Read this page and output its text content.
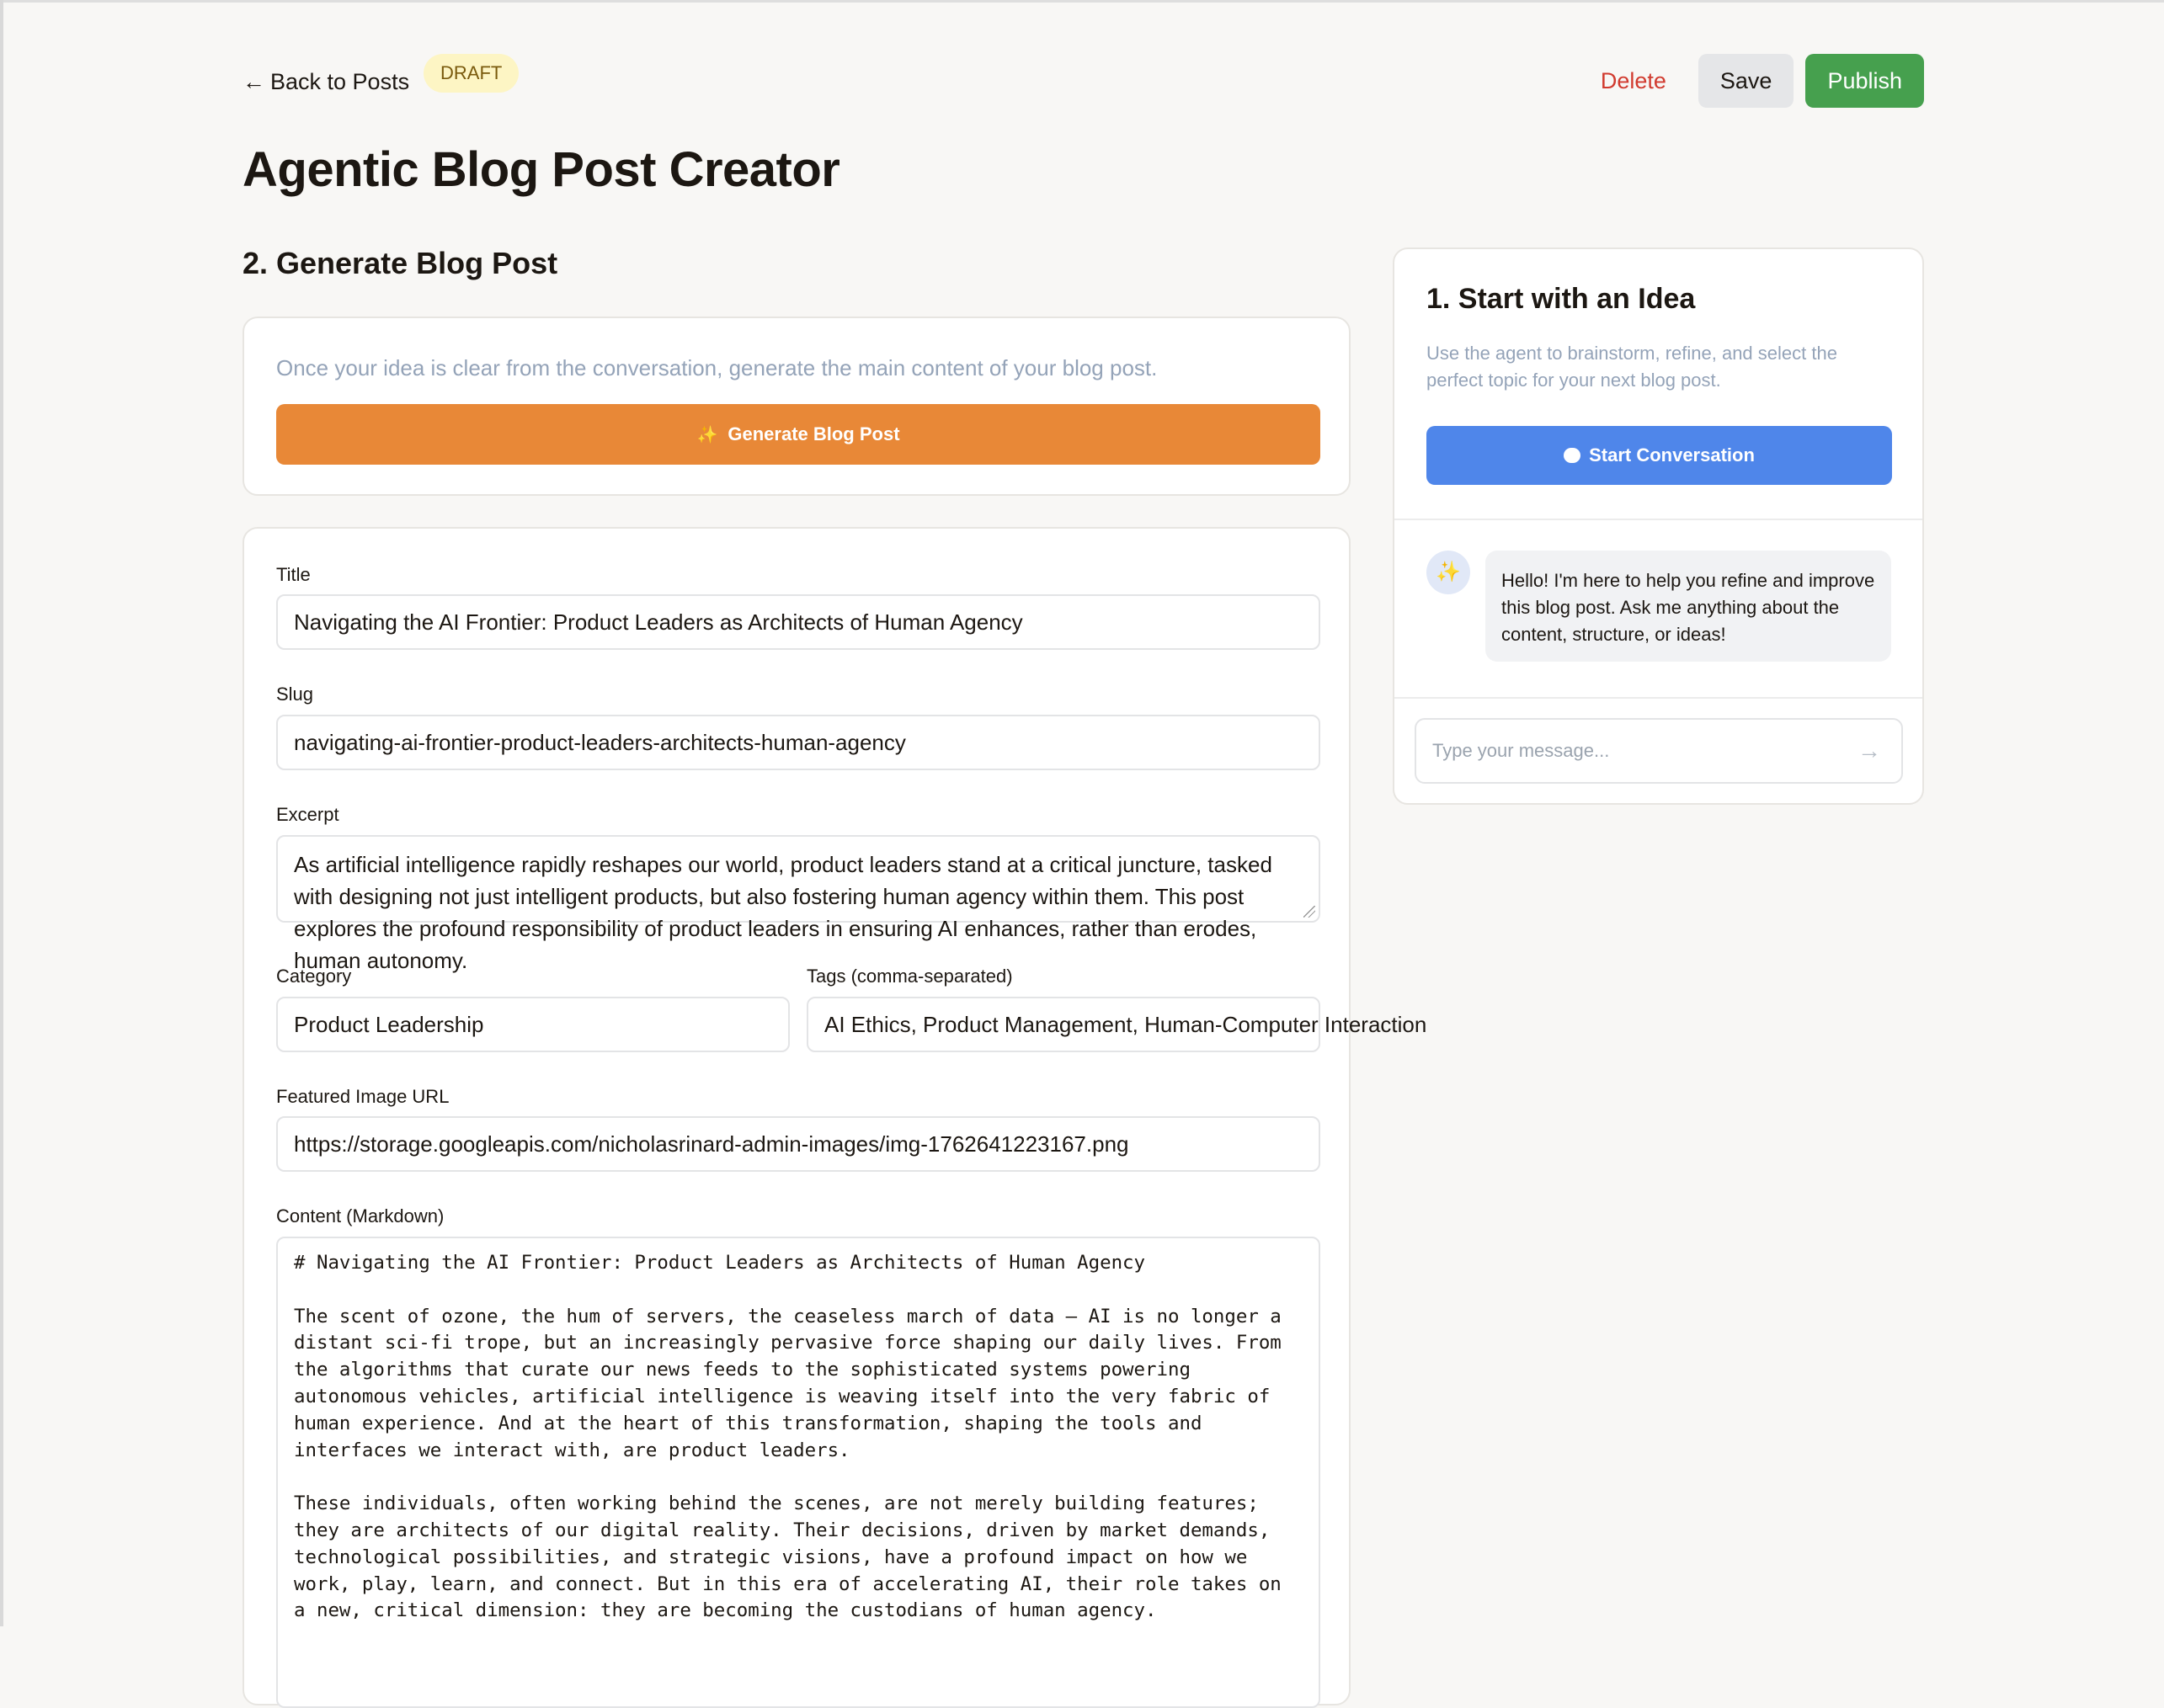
← Back to Posts	DRAFT	Delete	Save	Publish
Agentic Blog Post Creator
2. Generate Blog Post

Once your idea is clear from the conversation, generate the main content of your blog post.

✨ Generate Blog Post
Title
Navigating the AI Frontier: Product Leaders as Architects of Human Agency
Slug
navigating-ai-frontier-product-leaders-architects-human-agency
Excerpt
As artificial intelligence rapidly reshapes our world, product leaders stand at a critical juncture, tasked with designing not just intelligent products, but also fostering human agency within them. This post explores the profound responsibility of product leaders in ensuring AI enhances, rather than erodes, human autonomy.
Category
Product Leadership
Tags (comma-separated)
AI Ethics, Product Management, Human-Computer Interaction
Featured Image URL
https://storage.googleapis.com/nicholasrinard-admin-images/img-1762641223167.png
Content (Markdown)
# Navigating the AI Frontier: Product Leaders as Architects of Human Agency

The scent of ozone, the hum of servers, the ceaseless march of data — AI is no longer a
distant sci-fi trope, but an increasingly pervasive force shaping our daily lives. From
the algorithms that curate our news feeds to the sophisticated systems powering
autonomous vehicles, artificial intelligence is weaving itself into the very fabric of
human experience. And at the heart of this transformation, shaping the tools and
interfaces we interact with, are product leaders.

These individuals, often working behind the scenes, are not merely building features;
they are architects of our digital reality. Their decisions, driven by market demands,
technological possibilities, and strategic visions, have a profound impact on how we
work, play, learn, and connect. But in this era of accelerating AI, their role takes on
a new, critical dimension: they are becoming the custodians of human agency.
1. Start with an Idea

Use the agent to brainstorm, refine, and select the perfect topic for your next blog post.

Start Conversation
✨	Hello! I'm here to help you refine and improve this blog post. Ask me anything about the content, structure, or ideas!
Type your message...
→
